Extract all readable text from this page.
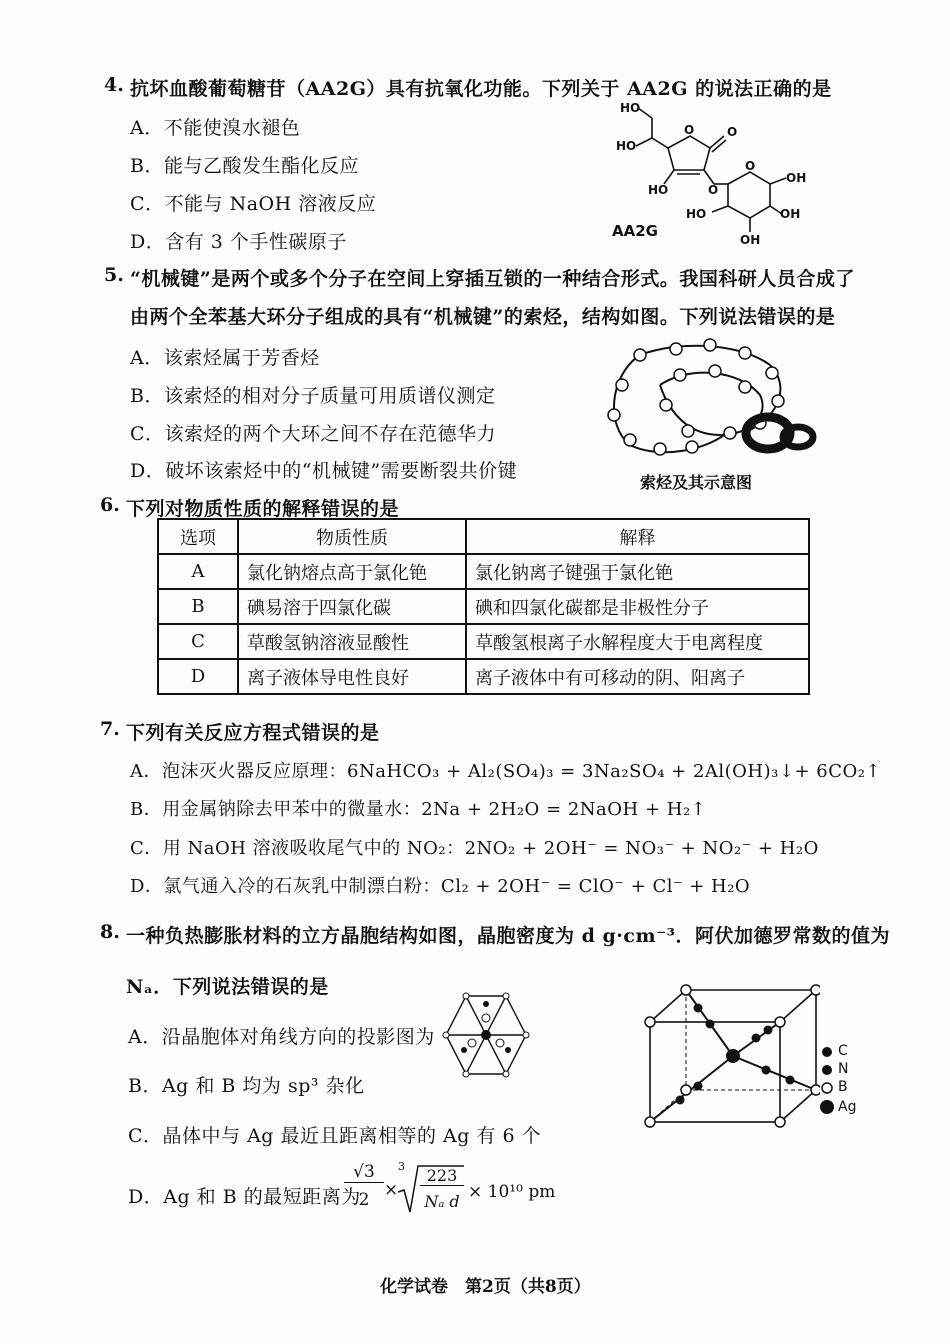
4. 抗坏血酸葡萄糖苷（AA2G）具有抗氧化功能。下列关于 AA2G 的说法正确的是
A．不能使溴水褪色
B．能与乙酸发生酯化反应
C．不能与 NaOH 溶液反应
D．含有 3 个手性碳原子
HO
HO
O	O
HO	O
O
OH
HO	OH
OH
AA2G
5. “机械键”是两个或多个分子在空间上穿插互锁的一种结合形式。我国科研人员合成了
由两个全苯基大环分子组成的具有“机械键”的索烃，结构如图。下列说法错误的是
A．该索烃属于芳香烃
B．该索烃的相对分子质量可用质谱仪测定
C．该索烃的两个大环之间不存在范德华力
D．破坏该索烃中的“机械键”需要断裂共价键
索烃及其示意图
6. 下列对物质性质的解释错误的是
选项	物质性质	解释
A	氯化钠熔点高于氯化铯	氯化钠离子键强于氯化铯
B	碘易溶于四氯化碳	碘和四氯化碳都是非极性分子
C	草酸氢钠溶液显酸性	草酸氢根离子水解程度大于电离程度
D	离子液体导电性良好	离子液体中有可移动的阴、阳离子
7. 下列有关反应方程式错误的是
A．泡沫灭火器反应原理：6NaHCO₃ + Al₂(SO₄)₃ = 3Na₂SO₄ + 2Al(OH)₃↓+ 6CO₂↑
B．用金属钠除去甲苯中的微量水：2Na + 2H₂O = 2NaOH + H₂↑
C．用 NaOH 溶液吸收尾气中的 NO₂：2NO₂ + 2OH⁻ = NO₃⁻ + NO₂⁻ + H₂O
D．氯气通入冷的石灰乳中制漂白粉：Cl₂ + 2OH⁻ = ClO⁻ + Cl⁻ + H₂O
8. 一种负热膨胀材料的立方晶胞结构如图，晶胞密度为 d g·cm⁻³．阿伏加德罗常数的值为
Nₐ．下列说法错误的是
A．沿晶胞体对角线方向的投影图为
B．Ag 和 B 均为 sp³ 杂化
C．晶体中与 Ag 最近且距离相等的 Ag 有 6 个
D．Ag 和 B 的最短距离为
√3
2 ×
3	223
Nₐ d × 10¹⁰ pm
C
N
B
Ag
化学试卷　第2页（共8页）
